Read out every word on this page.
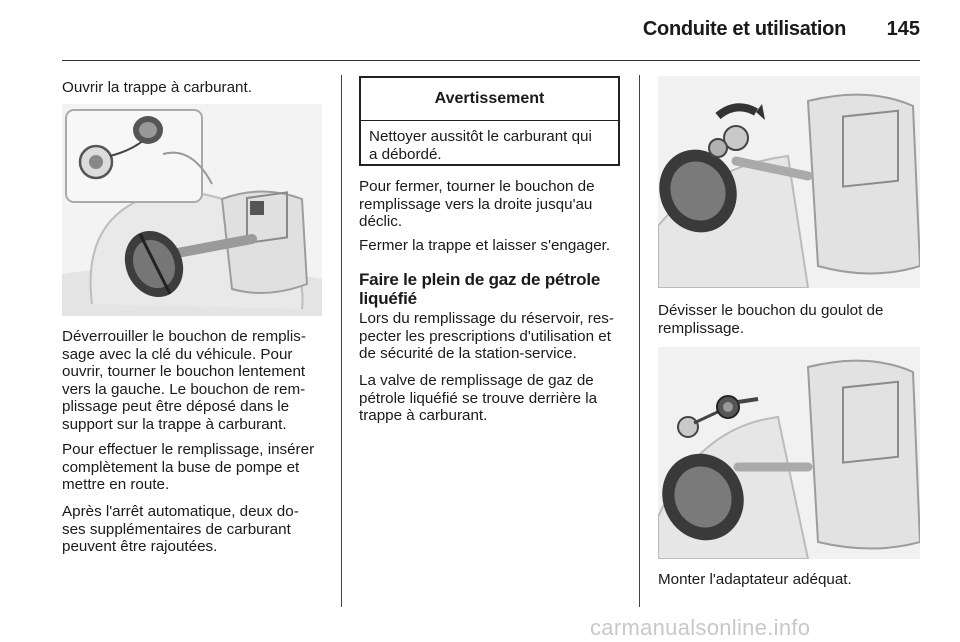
Conduite et utilisation	145

Ouvrir la trappe à carburant.

Déverrouiller le bouchon de remplis-
sage avec la clé du véhicule. Pour
ouvrir, tourner le bouchon lentement
vers la gauche. Le bouchon de rem-
plissage peut être déposé dans le
support sur la trappe à carburant.
Pour effectuer le remplissage, insérer
complètement la buse de pompe et
mettre en route.
Après l'arrêt automatique, deux do-
ses supplémentaires de carburant
peuvent être rajoutées.
Avertissement
Nettoyer aussitôt le carburant qui
a débordé.
Pour fermer, tourner le bouchon de
remplissage vers la droite jusqu'au
déclic.

Fermer la trappe et laisser s'engager.

Faire le plein de gaz de pétrole
liquéfié
Lors du remplissage du réservoir, res-
pecter les prescriptions d'utilisation et
de sécurité de la station-service.
La valve de remplissage de gaz de
pétrole liquéfié se trouve derrière la
trappe à carburant.
Dévisser le bouchon du goulot de
remplissage.

Monter l'adaptateur adéquat.

carmanualsonline.info
